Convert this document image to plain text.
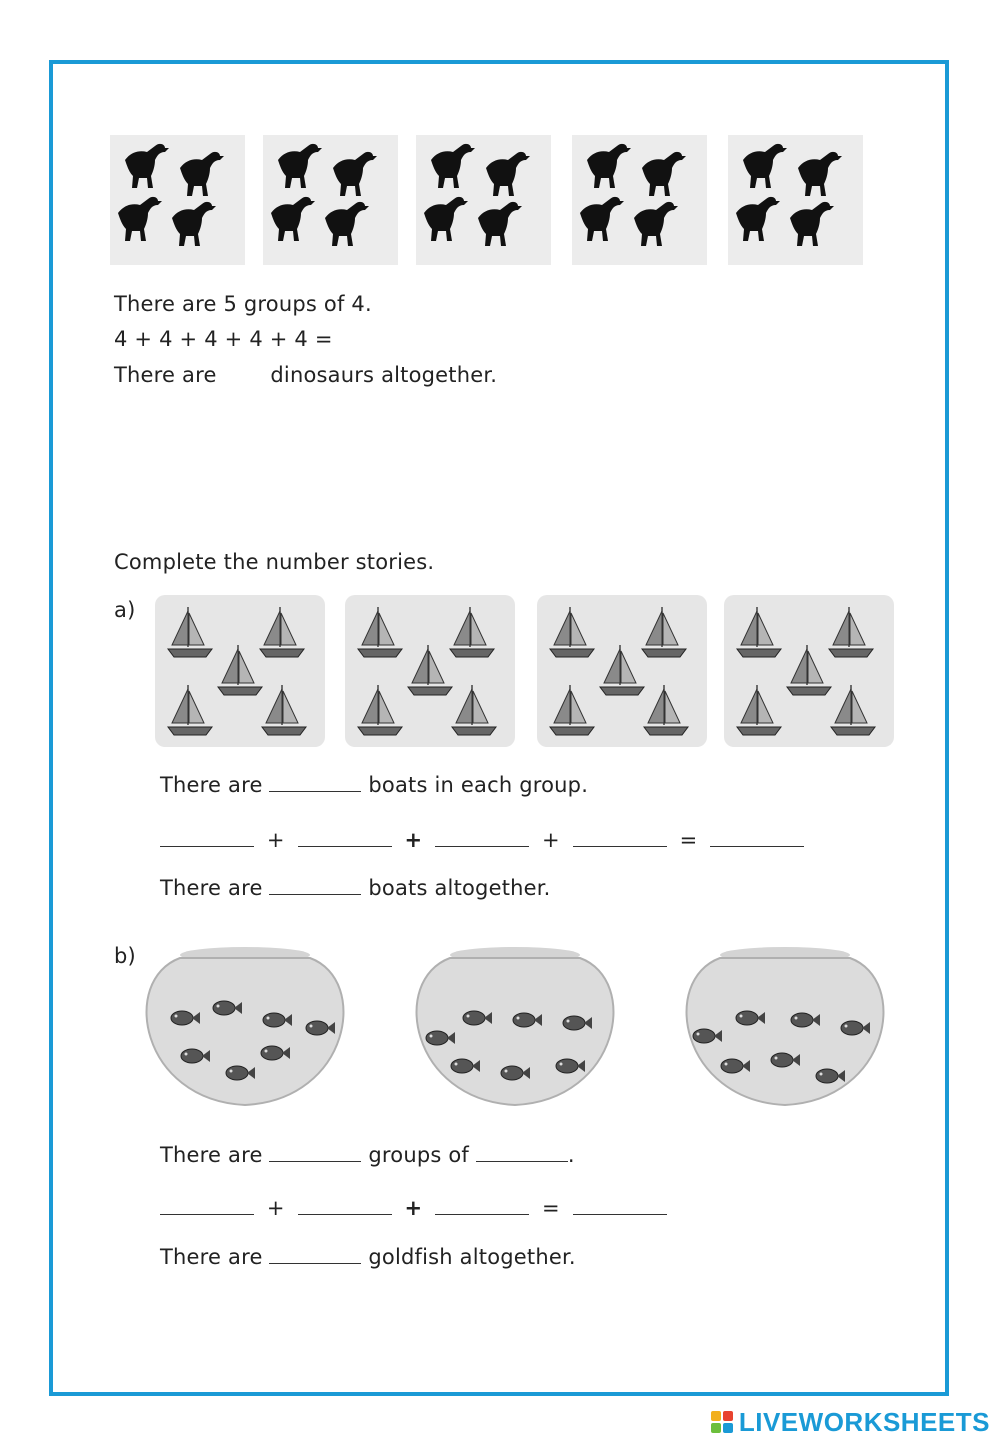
There are 5 groups of 4.
4 + 4 + 4 + 4 + 4 =
There are	dinosaurs altogether.
Complete the number stories.
a)
There are	boats in each group.
+	+	+	=
There are	boats altogether.
b)
There are	groups of	.
+	+	=
There are	goldfish altogether.
LIVEWORKSHEETS
